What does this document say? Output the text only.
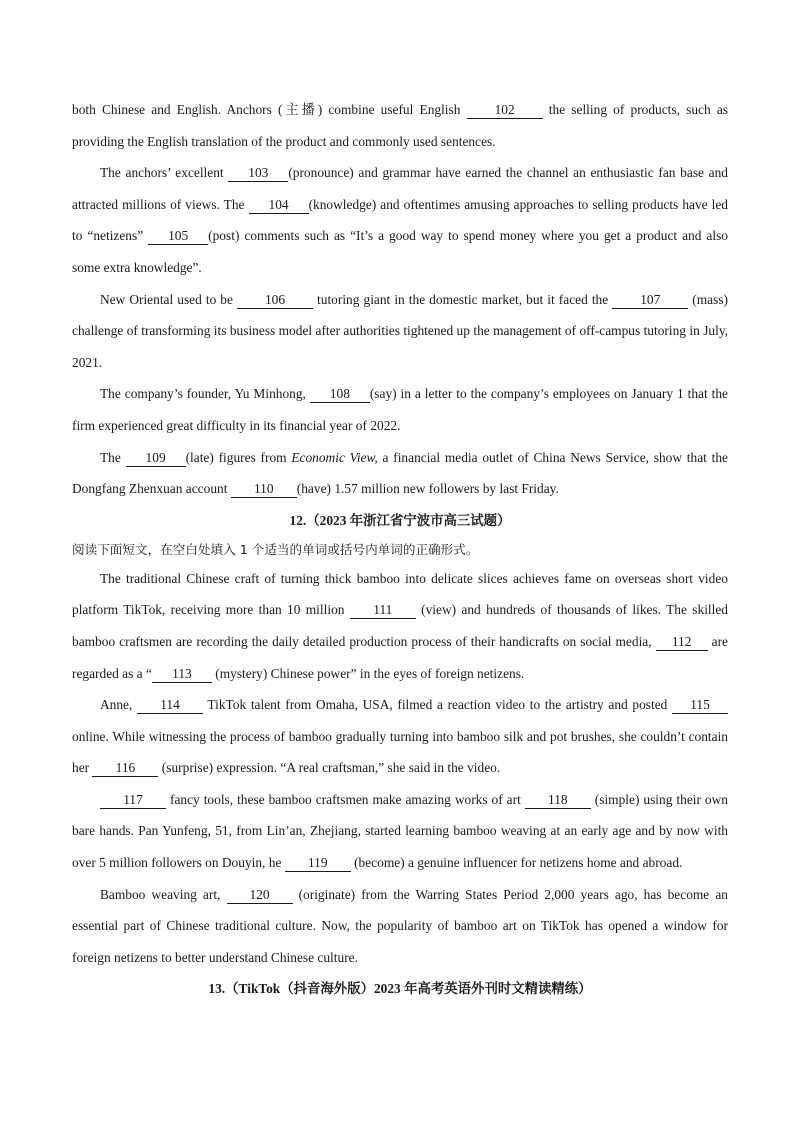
both Chinese and English. Anchors (主播) combine useful English 102 the selling of products, such as providing the English translation of the product and commonly used sentences.

The anchors’ excellent 103 (pronounce) and grammar have earned the channel an enthusiastic fan base and attracted millions of views. The 104 (knowledge) and oftentimes amusing approaches to selling products have led to “netizens” 105 (post) comments such as “It’s a good way to spend money where you get a product and also some extra knowledge”.

New Oriental used to be 106 tutoring giant in the domestic market, but it faced the 107 (mass) challenge of transforming its business model after authorities tightened up the management of off-campus tutoring in July, 2021.

The company’s founder, Yu Minhong, 108 (say) in a letter to the company’s employees on January 1 that the firm experienced great difficulty in its financial year of 2022.

The 109 (late) figures from Economic View, a financial media outlet of China News Service, show that the Dongfang Zhenxuan account 110 (have) 1.57 million new followers by last Friday.

12.（2023 年浙江省宁波市高三试题）

阅读下面短文，在空白处填入 1 个适当的单词或括号内单词的正确形式。

The traditional Chinese craft of turning thick bamboo into delicate slices achieves fame on overseas short video platform TikTok, receiving more than 10 million 111 (view) and hundreds of thousands of likes. The skilled bamboo craftsmen are recording the daily detailed production process of their handicrafts on social media, 112 are regarded as a “ 113 (mystery) Chinese power” in the eyes of foreign netizens.

Anne, 114 TikTok talent from Omaha, USA, filmed a reaction video to the artistry and posted 115 online. While witnessing the process of bamboo gradually turning into bamboo silk and pot brushes, she couldn’t contain her 116 (surprise) expression. “A real craftsman,” she said in the video.

117 fancy tools, these bamboo craftsmen make amazing works of art 118 (simple) using their own bare hands. Pan Yunfeng, 51, from Lin’an, Zhejiang, started learning bamboo weaving at an early age and by now with over 5 million followers on Douyin, he 119 (become) a genuine influencer for netizens home and abroad.

Bamboo weaving art, 120 (originate) from the Warring States Period 2,000 years ago, has become an essential part of Chinese traditional culture. Now, the popularity of bamboo art on TikTok has opened a window for foreign netizens to better understand Chinese culture.

13.（TikTok（抖音海外版）2023 年高考英语外刊时文精读精练）
